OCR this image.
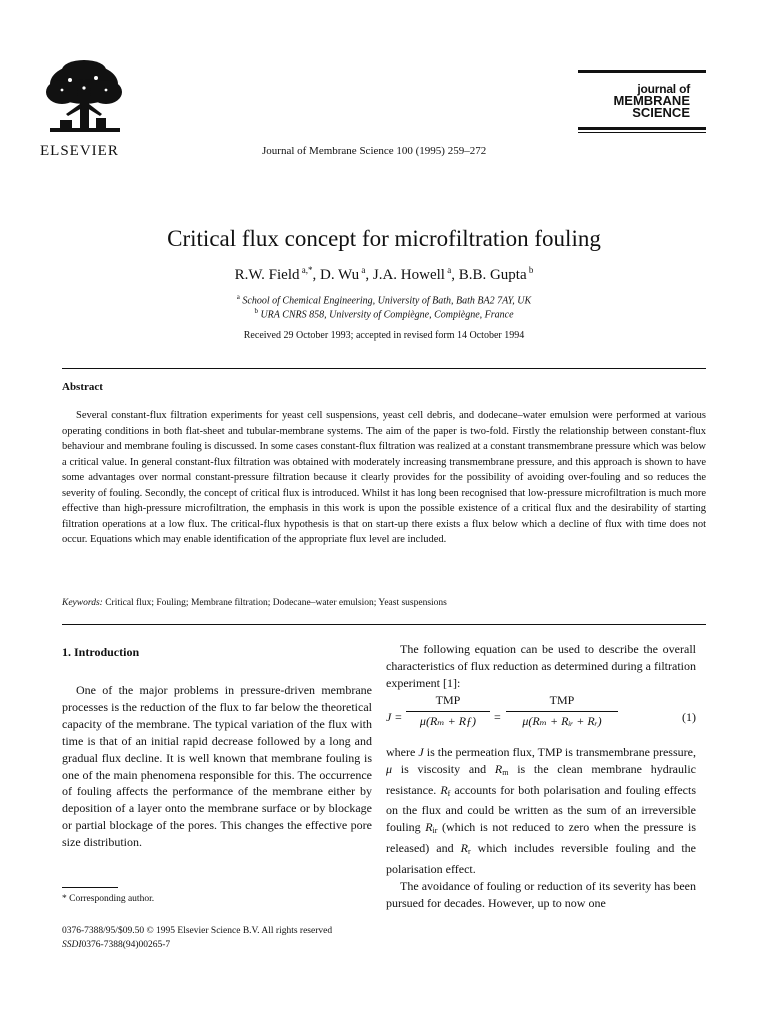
ELSEVIER	Journal of Membrane Science 100 (1995) 259–272
journal of
MEMBRANE
SCIENCE
Critical flux concept for microfiltration fouling
R.W. Field $^{a,*}$, D. Wu $^a$, J.A. Howell $^a$, B.B. Gupta $^b$
$^a$ School of Chemical Engineering, University of Bath, Bath BA2 7AY, UK
$^b$ URA CNRS 858, University of Compiègne, Compiègne, France
Received 29 October 1993; accepted in revised form 14 October 1994
Abstract
Several constant-flux filtration experiments for yeast cell suspensions, yeast cell debris, and dodecane–water emulsion were performed at various operating conditions in both flat-sheet and tubular-membrane systems. The aim of the paper is two-fold. Firstly the relationship between constant-flux behaviour and membrane fouling is discussed. In some cases constant-flux filtration was realized at a constant transmembrane pressure which was below a critical value. In general constant-flux filtration was obtained with moderately increasing transmembrane pressure, and this approach is shown to have some advantages over normal constant-pressure filtration because it clearly provides for the possibility of avoiding over-fouling and so reduces the severity of fouling. Secondly, the concept of critical flux is introduced. Whilst it has long been recognised that low-pressure microfiltration is much more effective than high-pressure microfiltration, the emphasis in this work is upon the possible existence of a critical flux and the desirability of starting filtration operations at a low flux. The critical-flux hypothesis is that on start-up there exists a flux below which a decline of flux with time does not occur. Equations which may enable identification of the appropriate flux level are included.
Keywords: Critical flux; Fouling; Membrane filtration; Dodecane–water emulsion; Yeast suspensions
1. Introduction

One of the major problems in pressure-driven membrane processes is the reduction of the flux to far below the theoretical capacity of the membrane. The typical variation of the flux with time is that of an initial rapid decrease followed by a long and gradual flux decline. It is well known that membrane fouling is one of the main phenomena responsible for this. The occurrence of fouling affects the performance of the membrane either by deposition of a layer onto the membrane surface or by blockage or partial blockage of the pores. This changes the effective pore size distribution.

The following equation can be used to describe the overall characteristics of flux reduction as determined during a filtration experiment [1]:

J =
TMP
μ(Rₘ + Rƒ)	=
TMP
μ(Rₘ + Rᵢᵣ + Rᵣ)	(1)

where J is the permeation flux, TMP is transmembrane pressure, μ is viscosity and $R_m$ is the clean membrane hydraulic resistance. $R_f$ accounts for both polarisation and fouling effects on the flux and could be written as the sum of an irreversible fouling $R_{ir}$ (which is not reduced to zero when the pressure is released) and $R_r$ which includes reversible fouling and the polarisation effect.

The avoidance of fouling or reduction of its severity has been pursued for decades. However, up to now one

* Corresponding author.
0376-7388/95/$09.50 © 1995 Elsevier Science B.V. All rights reserved
SSDI0376-7388(94)00265-7
